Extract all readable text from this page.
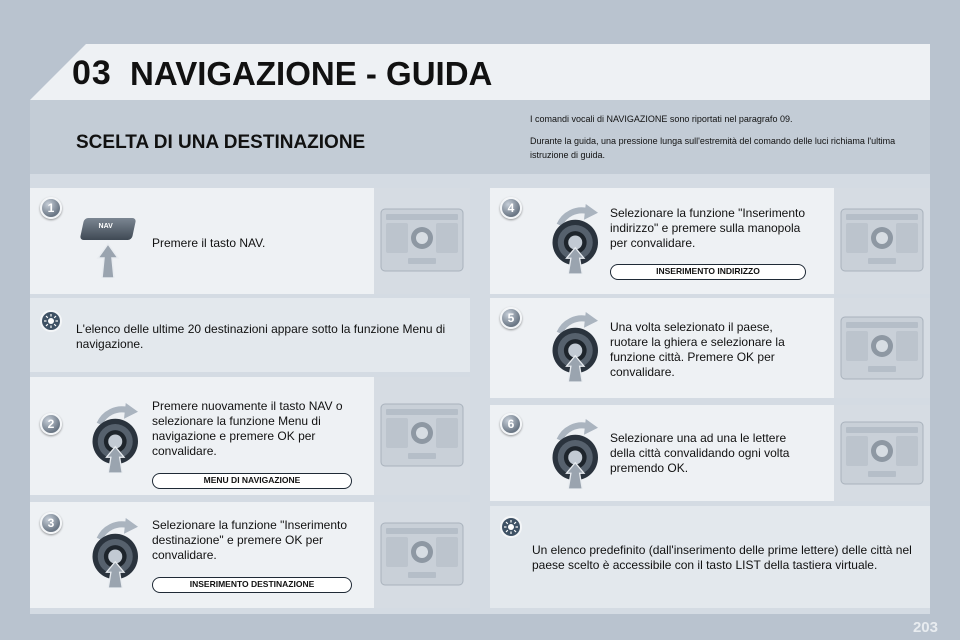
03 NAVIGAZIONE - GUIDA
SCELTA DI UNA DESTINAZIONE

I comandi vocali di NAVIGAZIONE sono riportati nel paragrafo 09.

Durante la guida, una pressione lunga sull'estremità del comando delle luci richiama l'ultima istruzione di guida.

1
NAV
Premere il tasto NAV.
L'elenco delle ultime 20 destinazioni appare sotto la funzione Menu di navigazione.
2
Premere nuovamente il tasto NAV o selezionare la funzione Menu di navigazione e premere OK per convalidare.
MENU DI NAVIGAZIONE
3	Selezionare la funzione "Inserimento destinazione" e premere OK per convalidare.
INSERIMENTO DESTINAZIONE
4	Selezionare la funzione "Inserimento indirizzo" e premere sulla manopola per convalidare.
INSERIMENTO INDIRIZZO
5
Una volta selezionato il paese, ruotare la ghiera e selezionare la funzione città. Premere OK per convalidare.
6
Selezionare una ad una le lettere della città convalidando ogni volta premendo OK.
Un elenco predefinito (dall'inserimento delle prime lettere) delle città nel paese scelto è accessibile con il tasto LIST della tastiera virtuale.
203
